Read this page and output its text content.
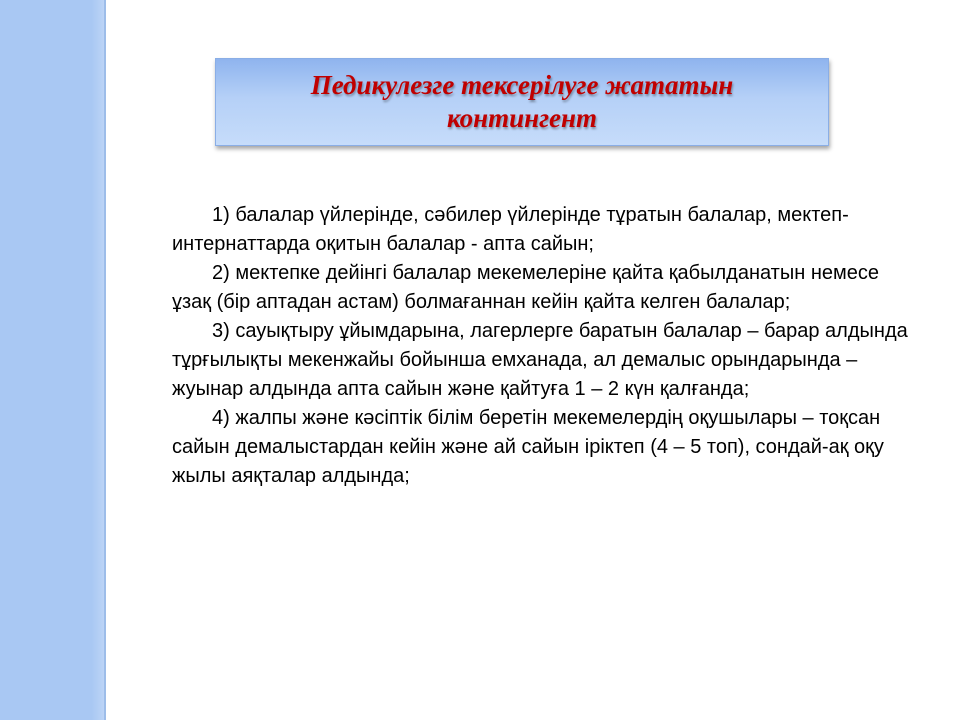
Педикулезге тексерілуге жататын контингент

1) балалар үйлерінде, сәбилер үйлерінде тұратын балалар, мектеп-интернаттарда оқитын балалар - апта сайын;

2) мектепке дейінгі балалар мекемелеріне қайта қабылданатын немесе ұзақ (бір аптадан астам) болмағаннан кейін қайта келген балалар;

3) сауықтыру ұйымдарына, лагерлерге баратын балалар – барар алдында тұрғылықты мекенжайы бойынша емханада, ал демалыс орындарында – жуынар алдында апта сайын және қайтуға 1 – 2 күн қалғанда;

4) жалпы және кәсіптік білім беретін мекемелердің оқушылары – тоқсан сайын демалыстардан кейін және ай сайын іріктеп (4 – 5 топ), сондай-ақ оқу жылы аяқталар алдында;
